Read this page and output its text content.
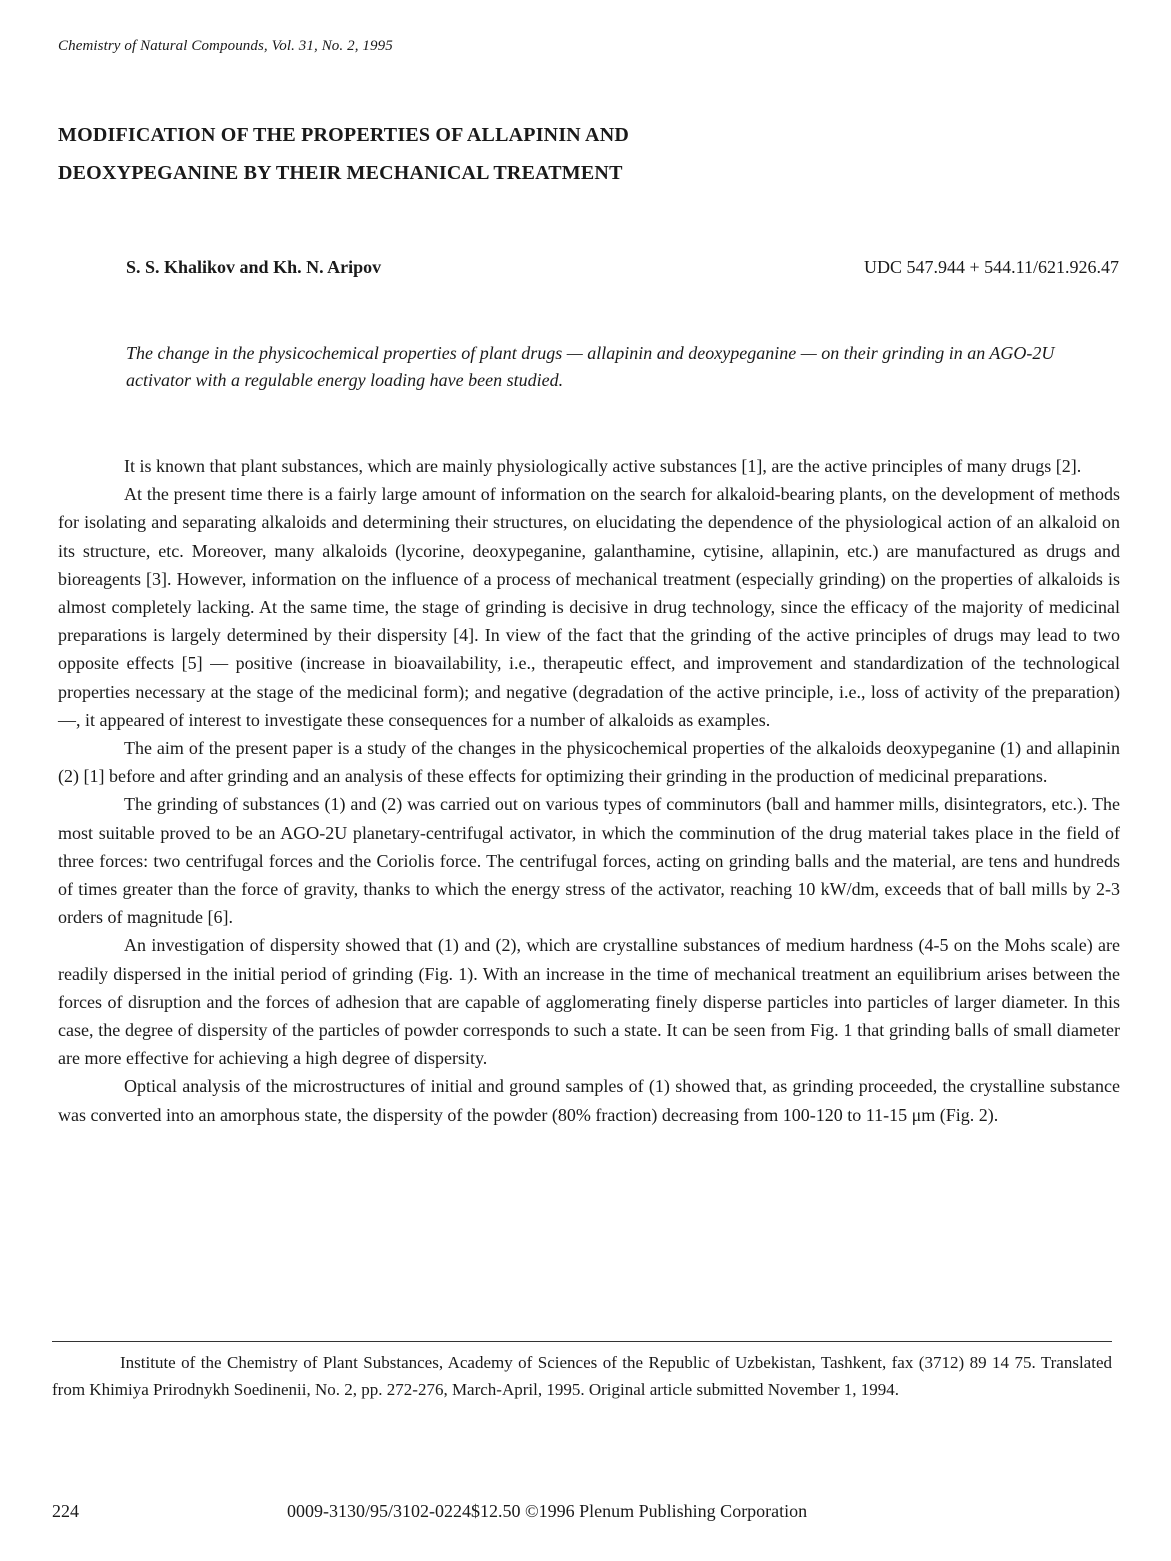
Chemistry of Natural Compounds, Vol. 31, No. 2, 1995
MODIFICATION OF THE PROPERTIES OF ALLAPININ AND
DEOXYPEGANINE BY THEIR MECHANICAL TREATMENT
S. S. Khalikov and Kh. N. Aripov	UDC 547.944 + 544.11/621.926.47
The change in the physicochemical properties of plant drugs — allapinin and deoxypeganine — on their grinding in an AGO-2U activator with a regulable energy loading have been studied.

It is known that plant substances, which are mainly physiologically active substances [1], are the active principles of many drugs [2].

At the present time there is a fairly large amount of information on the search for alkaloid-bearing plants, on the development of methods for isolating and separating alkaloids and determining their structures, on elucidating the dependence of the physiological action of an alkaloid on its structure, etc. Moreover, many alkaloids (lycorine, deoxypeganine, galanthamine, cytisine, allapinin, etc.) are manufactured as drugs and bioreagents [3]. However, information on the influence of a process of mechanical treatment (especially grinding) on the properties of alkaloids is almost completely lacking. At the same time, the stage of grinding is decisive in drug technology, since the efficacy of the majority of medicinal preparations is largely determined by their dispersity [4]. In view of the fact that the grinding of the active principles of drugs may lead to two opposite effects [5] — positive (increase in bioavailability, i.e., therapeutic effect, and improvement and standardization of the technological properties necessary at the stage of the medicinal form); and negative (degradation of the active principle, i.e., loss of activity of the preparation) —, it appeared of interest to investigate these consequences for a number of alkaloids as examples.

The aim of the present paper is a study of the changes in the physicochemical properties of the alkaloids deoxypeganine (1) and allapinin (2) [1] before and after grinding and an analysis of these effects for optimizing their grinding in the production of medicinal preparations.

The grinding of substances (1) and (2) was carried out on various types of comminutors (ball and hammer mills, disintegrators, etc.). The most suitable proved to be an AGO-2U planetary-centrifugal activator, in which the comminution of the drug material takes place in the field of three forces: two centrifugal forces and the Coriolis force. The centrifugal forces, acting on grinding balls and the material, are tens and hundreds of times greater than the force of gravity, thanks to which the energy stress of the activator, reaching 10 kW/dm, exceeds that of ball mills by 2-3 orders of magnitude [6].

An investigation of dispersity showed that (1) and (2), which are crystalline substances of medium hardness (4-5 on the Mohs scale) are readily dispersed in the initial period of grinding (Fig. 1). With an increase in the time of mechanical treatment an equilibrium arises between the forces of disruption and the forces of adhesion that are capable of agglomerating finely disperse particles into particles of larger diameter. In this case, the degree of dispersity of the particles of powder corresponds to such a state. It can be seen from Fig. 1 that grinding balls of small diameter are more effective for achieving a high degree of dispersity.

Optical analysis of the microstructures of initial and ground samples of (1) showed that, as grinding proceeded, the crystalline substance was converted into an amorphous state, the dispersity of the powder (80% fraction) decreasing from 100-120 to 11-15 μm (Fig. 2).

Institute of the Chemistry of Plant Substances, Academy of Sciences of the Republic of Uzbekistan, Tashkent, fax (3712) 89 14 75. Translated from Khimiya Prirodnykh Soedinenii, No. 2, pp. 272-276, March-April, 1995. Original article submitted November 1, 1994.

224	0009-3130/95/3102-0224$12.50 ©1996 Plenum Publishing Corporation
